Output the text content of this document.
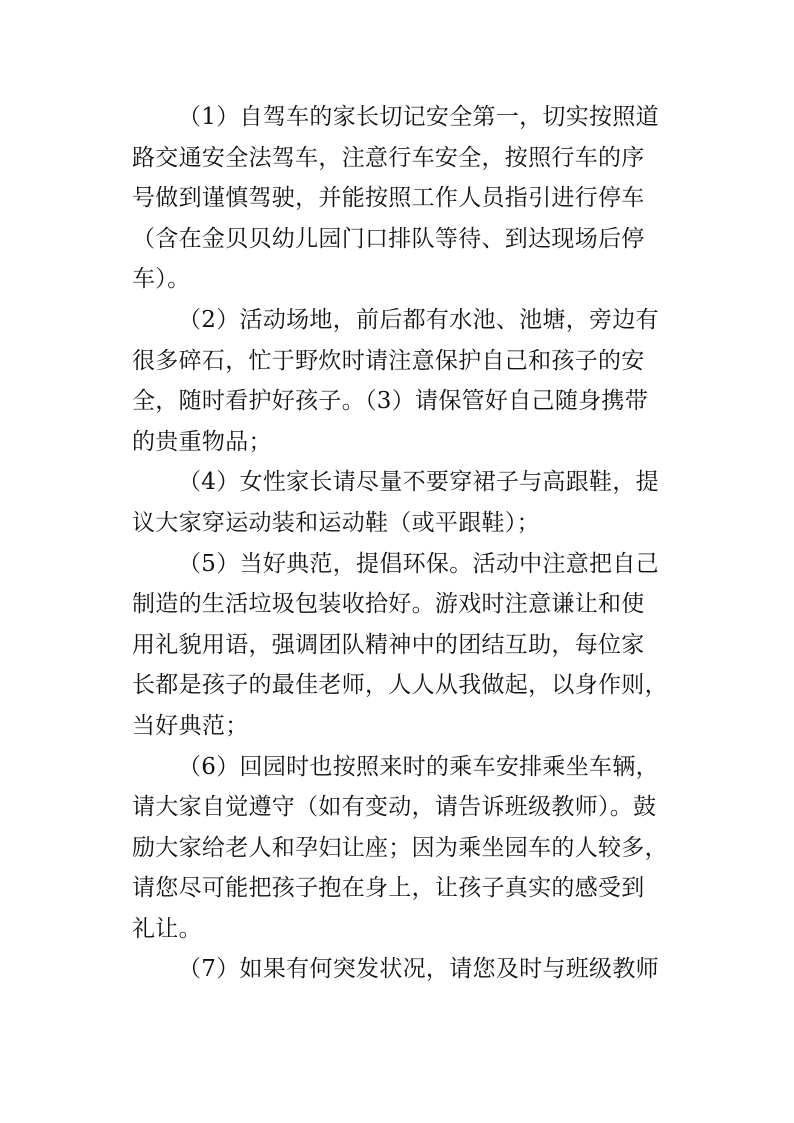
（1）自驾车的家长切记安全第一，切实按照道
路交通安全法驾车，注意行车安全，按照行车的序
号做到谨慎驾驶，并能按照工作人员指引进行停车
（含在金贝贝幼儿园门口排队等待、到达现场后停
车）。
（2）活动场地，前后都有水池、池塘，旁边有
很多碎石，忙于野炊时请注意保护自己和孩子的安
全，随时看护好孩子。（3）请保管好自己随身携带
的贵重物品；
（4）女性家长请尽量不要穿裙子与高跟鞋，提
议大家穿运动装和运动鞋（或平跟鞋）；
（5）当好典范，提倡环保。活动中注意把自己
制造的生活垃圾包装收拾好。游戏时注意谦让和使
用礼貌用语，强调团队精神中的团结互助，每位家
长都是孩子的最佳老师，人人从我做起，以身作则，
当好典范；
（6）回园时也按照来时的乘车安排乘坐车辆，
请大家自觉遵守（如有变动，请告诉班级教师）。鼓
励大家给老人和孕妇让座；因为乘坐园车的人较多，
请您尽可能把孩子抱在身上，让孩子真实的感受到
礼让。
（7）如果有何突发状况，请您及时与班级教师
